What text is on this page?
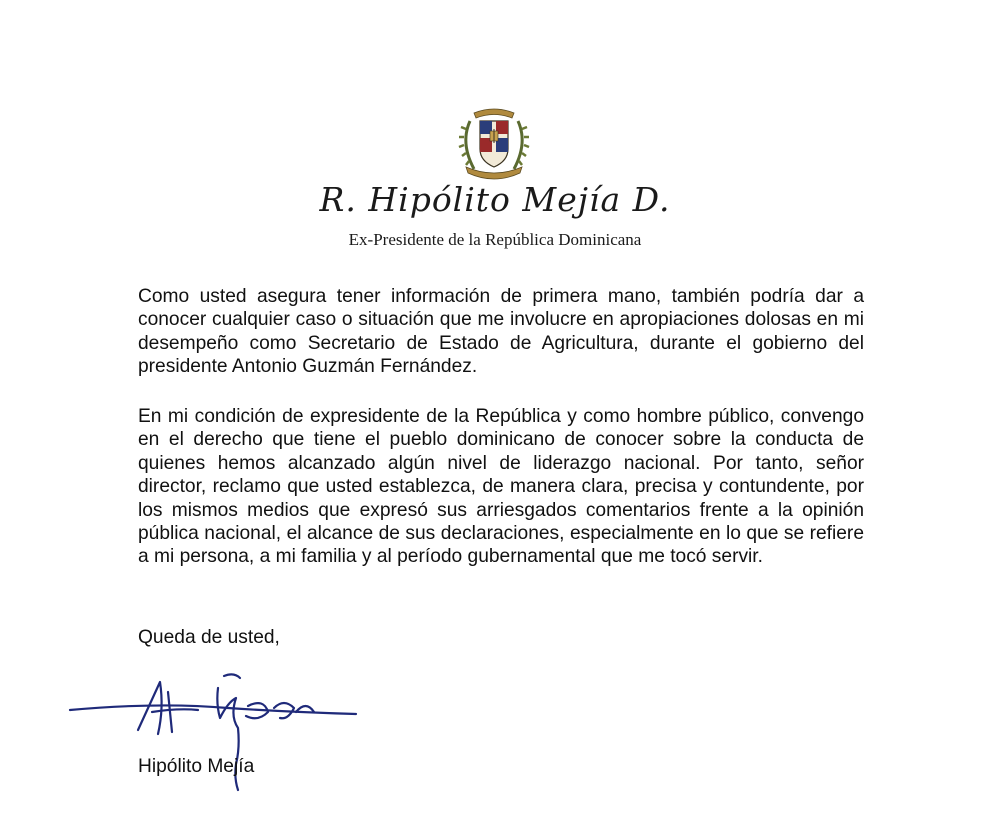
R. Hipólito Mejía D.
Ex-Presidente de la República Dominicana

Como usted asegura tener información de primera mano, también podría dar a conocer cualquier caso o situación que me involucre en apropiaciones dolosas en mi desempeño como Secretario de Estado de Agricultura, durante el gobierno del presidente Antonio Guzmán Fernández.

En mi condición de expresidente de la República y como hombre público, convengo en el derecho que tiene el pueblo dominicano de conocer sobre la conducta de quienes hemos alcanzado algún nivel de liderazgo nacional. Por tanto, señor director, reclamo que usted establezca, de manera clara, precisa y contundente, por los mismos medios que expresó sus arriesgados comentarios frente a la opinión pública nacional, el alcance de sus declaraciones, especialmente en lo que se refiere a mi persona, a mi familia y al período gubernamental que me tocó servir.

Queda de usted,
Hipólito Mejía
